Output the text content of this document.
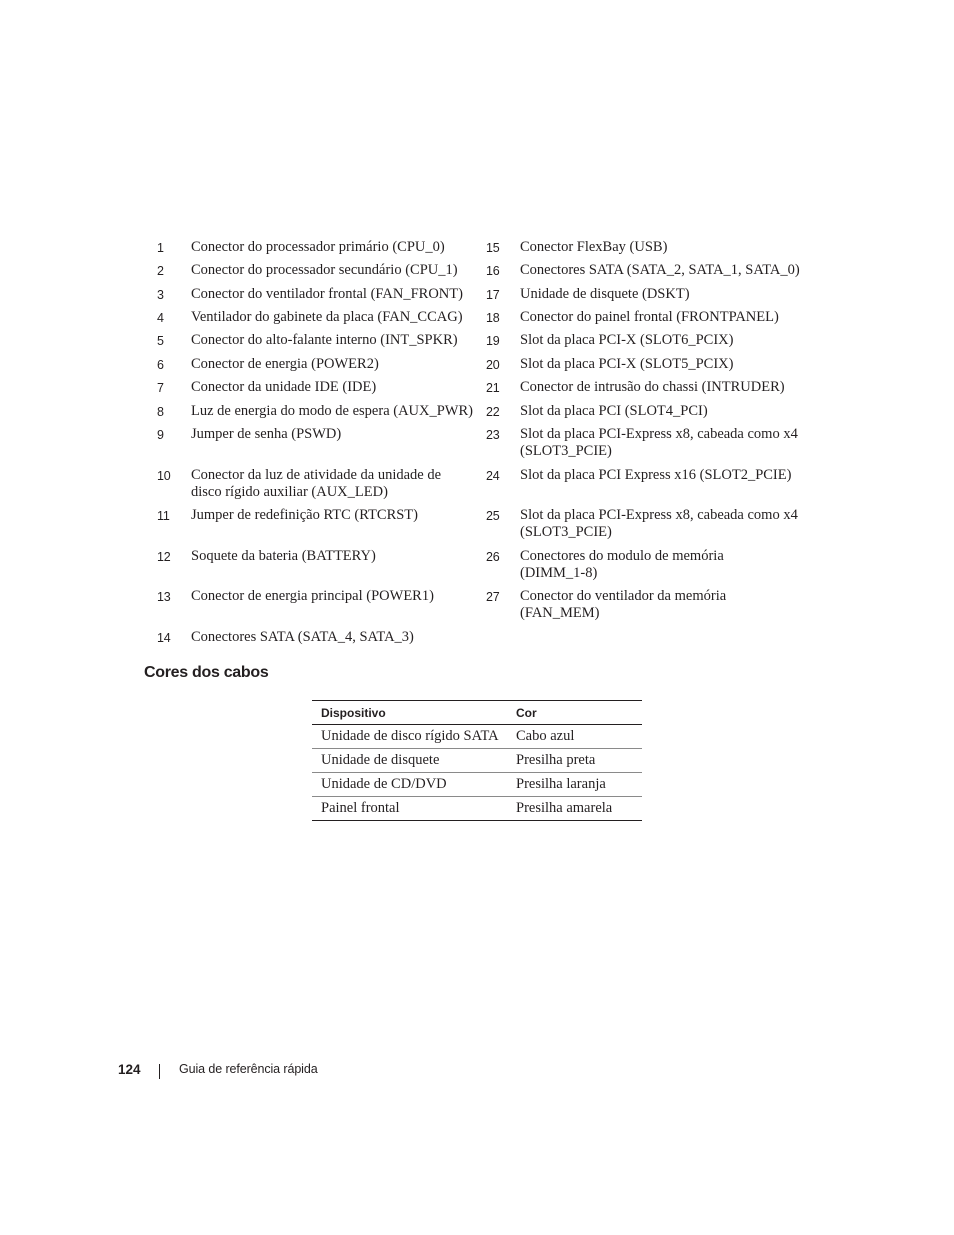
1 Conector do processador primário (CPU_0)
2 Conector do processador secundário (CPU_1)
3 Conector do ventilador frontal (FAN_FRONT)
4 Ventilador do gabinete da placa (FAN_CCAG)
5 Conector do alto-falante interno (INT_SPKR)
6 Conector de energia (POWER2)
7 Conector da unidade IDE (IDE)
8 Luz de energia do modo de espera (AUX_PWR)
9 Jumper de senha (PSWD)
10 Conector da luz de atividade da unidade de disco rígido auxiliar (AUX_LED)
11 Jumper de redefinição RTC (RTCRST)
12 Soquete da bateria (BATTERY)
13 Conector de energia principal (POWER1)
14 Conectores SATA (SATA_4, SATA_3)
15 Conector FlexBay (USB)
16 Conectores SATA (SATA_2, SATA_1, SATA_0)
17 Unidade de disquete (DSKT)
18 Conector do painel frontal (FRONTPANEL)
19 Slot da placa PCI-X (SLOT6_PCIX)
20 Slot da placa PCI-X (SLOT5_PCIX)
21 Conector de intrusão do chassi (INTRUDER)
22 Slot da placa PCI (SLOT4_PCI)
23 Slot da placa PCI-Express x8, cabeada como x4 (SLOT3_PCIE)
24 Slot da placa PCI Express x16 (SLOT2_PCIE)
25 Slot da placa PCI-Express x8, cabeada como x4 (SLOT3_PCIE)
26 Conectores do modulo de memória (DIMM_1-8)
27 Conector do ventilador da memória (FAN_MEM)
Cores dos cabos
Dispositivo	Cor
Unidade de disco rígido SATA	Cabo azul
Unidade de disquete	Presilha preta
Unidade de CD/DVD	Presilha laranja
Painel frontal	Presilha amarela
124	Guia de referência rápida
